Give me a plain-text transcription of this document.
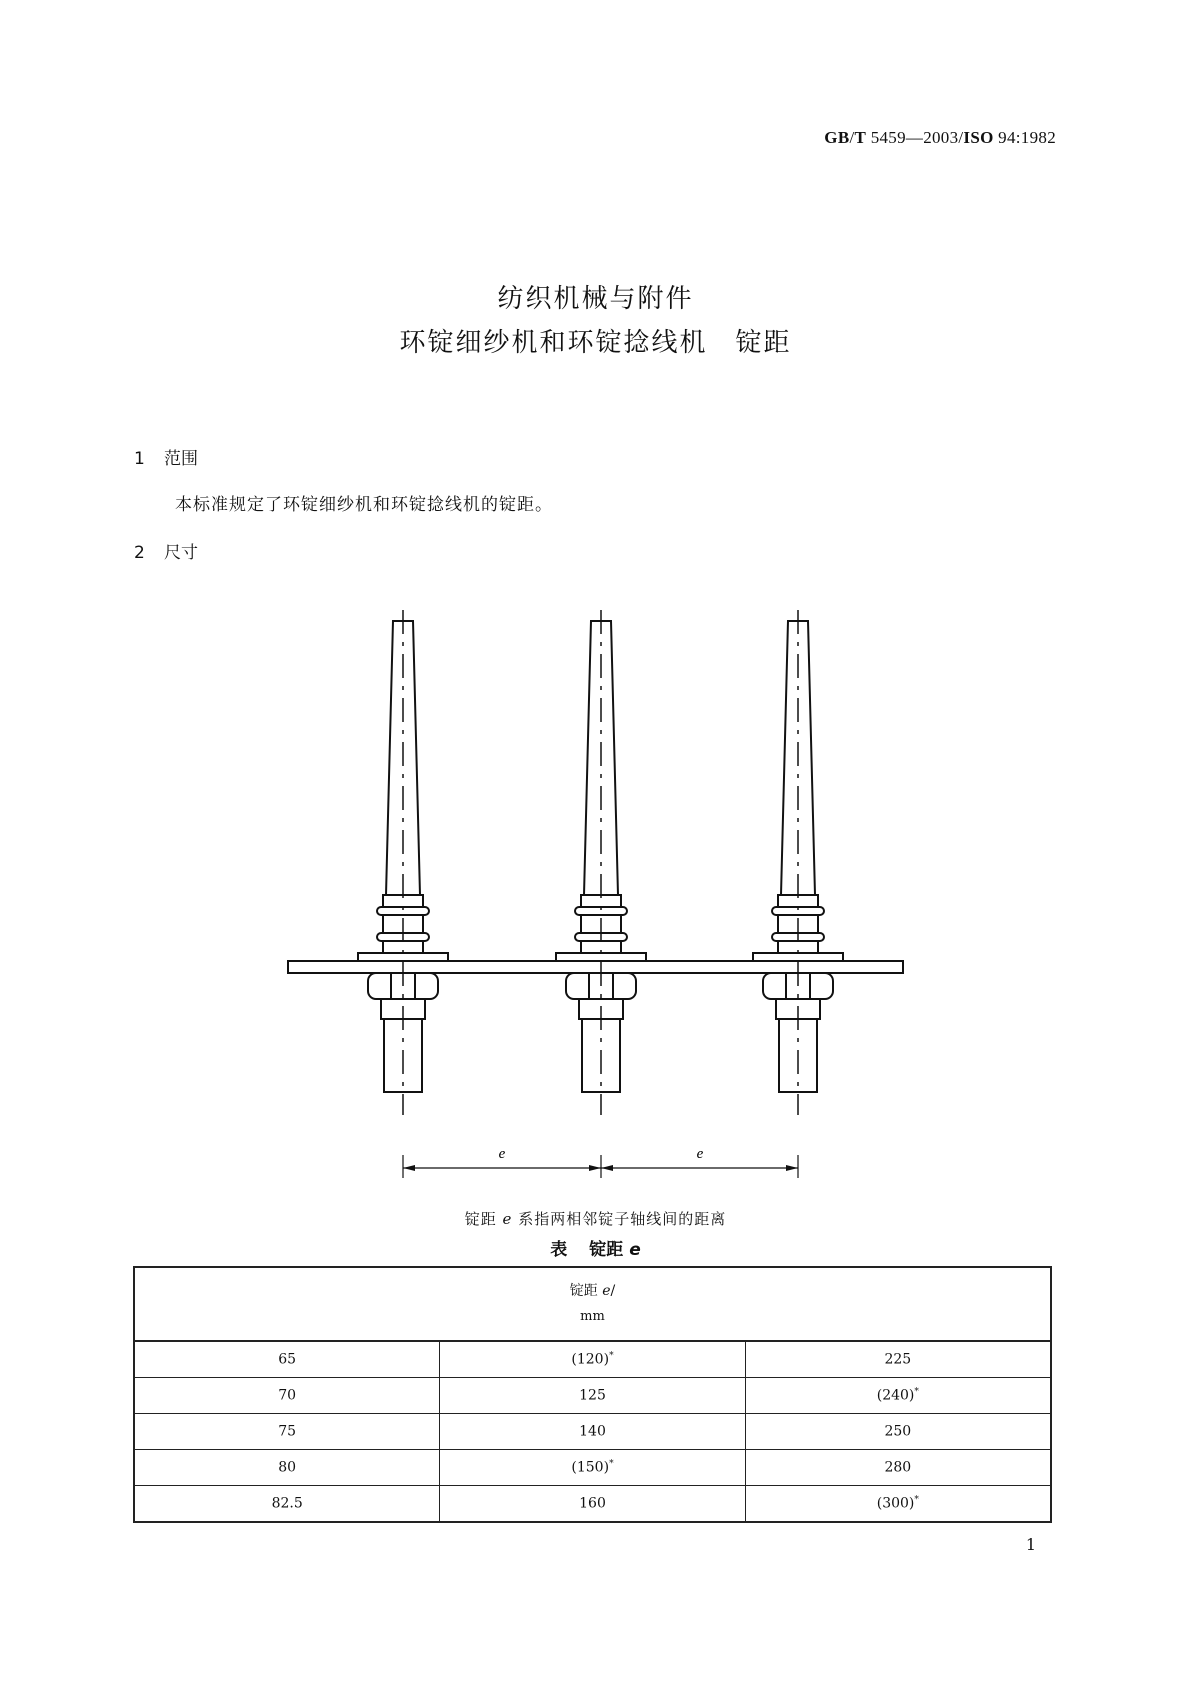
GB/T 5459—2003/ISO 94:1982
纺织机械与附件
环锭细纱机和环锭捻线机　锭距
1 范围
本标准规定了环锭细纱机和环锭捻线机的锭距。
2 尺寸
e	e
锭距 e 系指两相邻锭子轴线间的距离
表 锭距 e
锭距 e/
mm		

65	(120)*	225
70	125	(240)*
75	140	250
80	(150)*	280
82.5	160	(300)*
1
